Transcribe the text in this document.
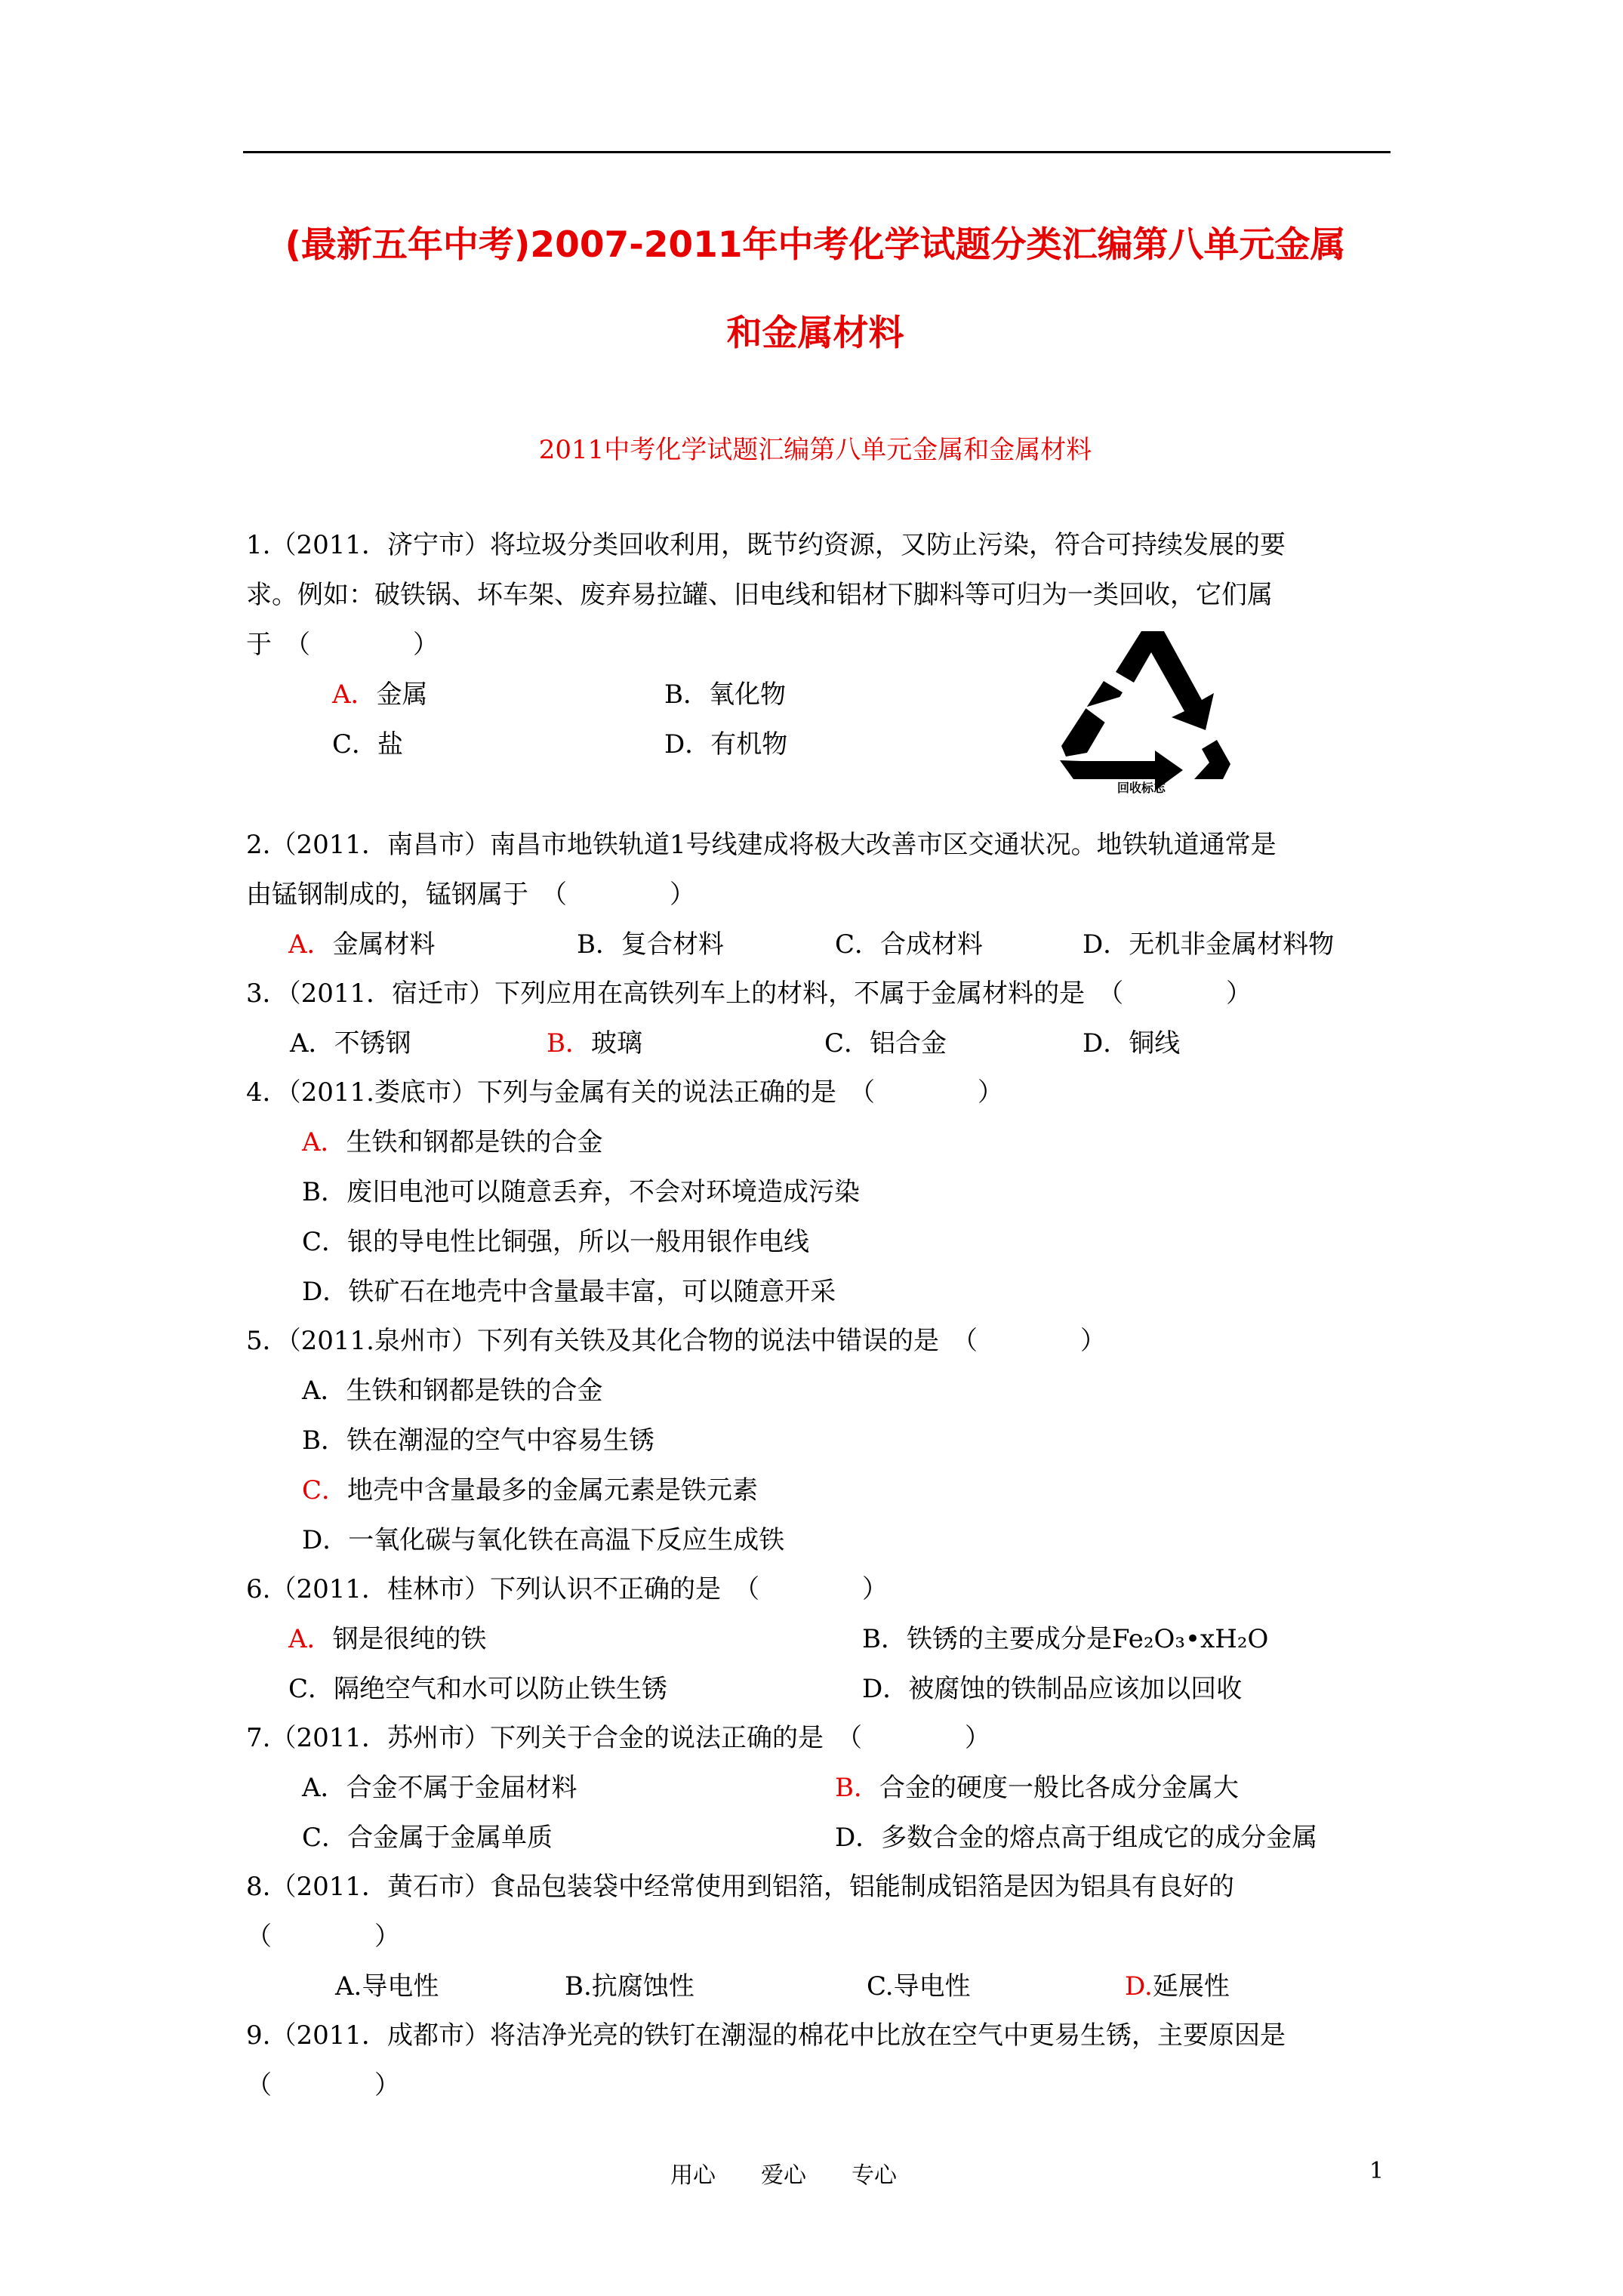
(最新五年中考)2007-2011年中考化学试题分类汇编第八单元金属
和金属材料
2011中考化学试题汇编第八单元金属和金属材料
1.（2011．济宁市）将垃圾分类回收利用，既节约资源，又防止污染，符合可持续发展的要
求。例如：破铁锅、坏车架、废弃易拉罐、旧电线和铝材下脚料等可归为一类回收，它们属
于　（　　　　）
A．金属	B．氧化物
C．盐	D．有机物
回收标志
2.（2011．南昌市）南昌市地铁轨道1号线建成将极大改善市区交通状况。地铁轨道通常是
由锰钢制成的，锰钢属于　（　　　　）
A．金属材料	B．复合材料	C．合成材料	D．无机非金属材料物
3．（2011．宿迁市）下列应用在高铁列车上的材料，不属于金属材料的是　（　　　　）
A．不锈钢	B．玻璃	C．铝合金	D．铜线
4．（2011.娄底市）下列与金属有关的说法正确的是　（　　　　）
A．生铁和钢都是铁的合金
B．废旧电池可以随意丢弃，不会对环境造成污染
C．银的导电性比铜强，所以一般用银作电线
D．铁矿石在地壳中含量最丰富，可以随意开采
5．（2011.泉州市）下列有关铁及其化合物的说法中错误的是　（　　　　）
A．生铁和钢都是铁的合金
B．铁在潮湿的空气中容易生锈
C．地壳中含量最多的金属元素是铁元素
D．一氧化碳与氧化铁在高温下反应生成铁
6.（2011．桂林市）下列认识不正确的是　（　　　　）
A．钢是很纯的铁	B．铁锈的主要成分是Fe₂O₃•xH₂O
C．隔绝空气和水可以防止铁生锈	D．被腐蚀的铁制品应该加以回收
7.（2011．苏州市）下列关于合金的说法正确的是　（　　　　）
A．合金不属于金届材料	B．合金的硬度一般比各成分金属大
C．合金属于金属单质	D．多数合金的熔点高于组成它的成分金属
8.（2011．黄石市）食品包装袋中经常使用到铝箔，铝能制成铝箔是因为铝具有良好的
（　　　　）
A.导电性	B.抗腐蚀性	C.导电性	D.延展性
9.（2011．成都市）将洁净光亮的铁钉在潮湿的棉花中比放在空气中更易生锈，主要原因是
（　　　　）
用心　　爱心　　专心	1
